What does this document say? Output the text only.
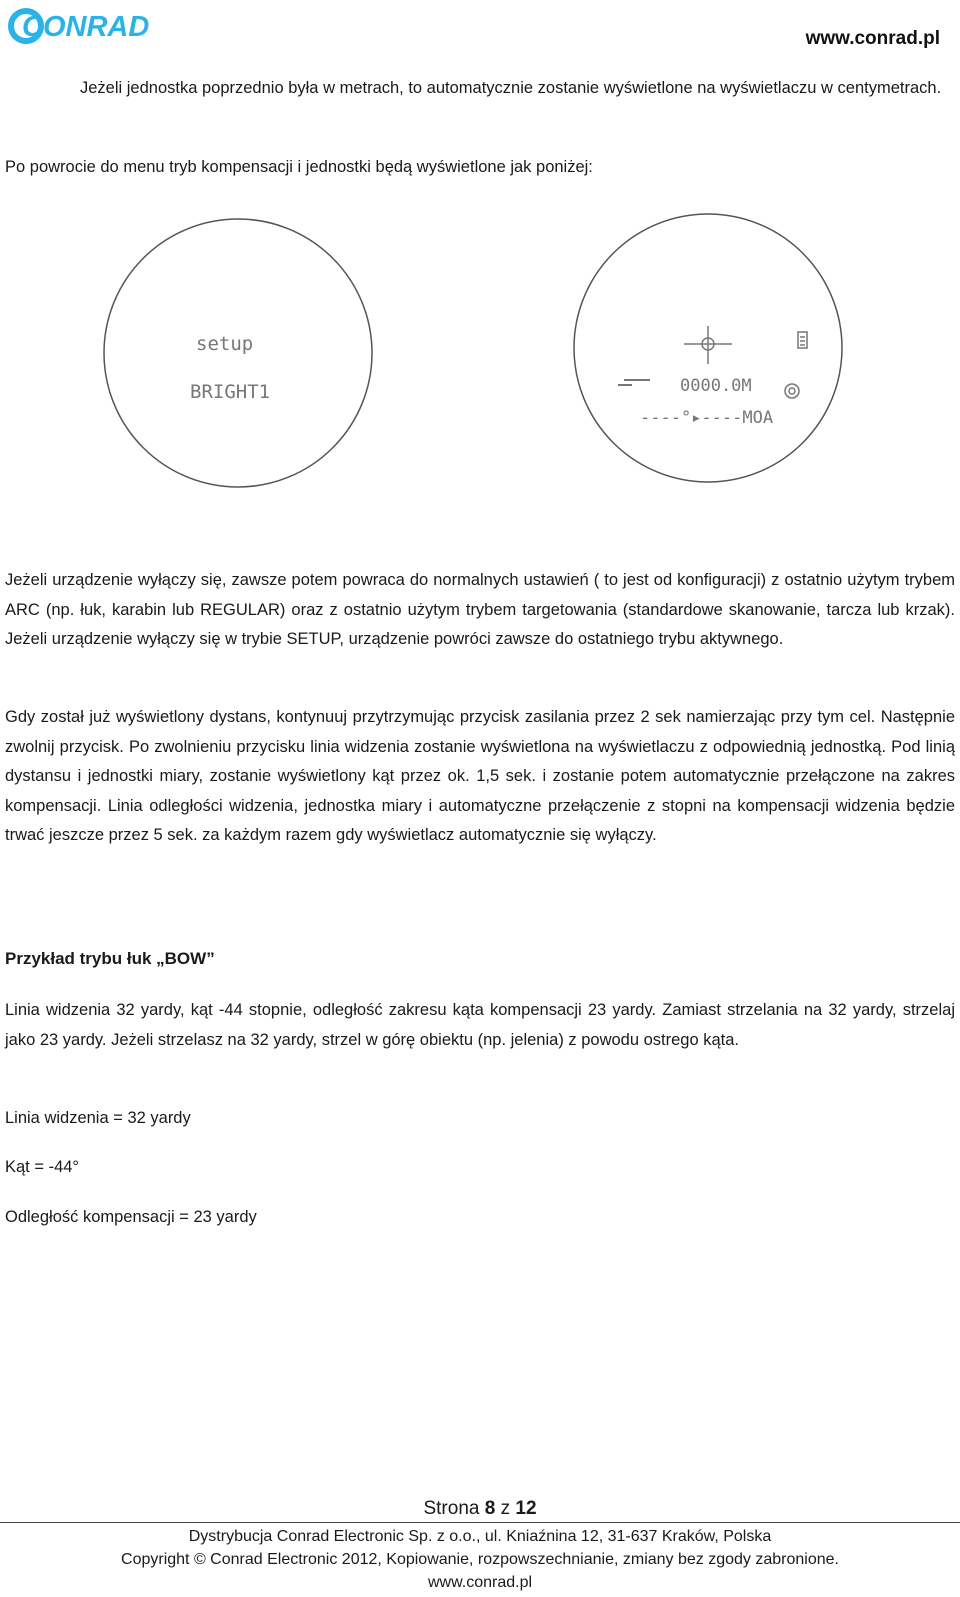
CONRAD	www.conrad.pl

Jeżeli jednostka poprzednio była w metrach, to automatycznie zostanie wyświetlone na wyświetlaczu w centymetrach.

Po powrocie do menu tryb kompensacji i jednostki będą wyświetlone jak poniżej:

setup
BRIGHT1	0000.0M
----°▸----MOA

Jeżeli urządzenie wyłączy się, zawsze potem powraca do normalnych ustawień ( to jest od konfiguracji) z ostatnio użytym trybem ARC (np. łuk, karabin lub REGULAR) oraz z ostatnio użytym trybem targetowania (standardowe skanowanie, tarcza lub krzak). Jeżeli urządzenie wyłączy się w trybie SETUP, urządzenie powróci zawsze do ostatniego trybu aktywnego.

Gdy został już wyświetlony dystans, kontynuuj przytrzymując przycisk zasilania przez 2 sek namierzając przy tym cel. Następnie zwolnij przycisk. Po zwolnieniu przycisku linia widzenia zostanie wyświetlona na wyświetlaczu z odpowiednią jednostką. Pod linią dystansu i jednostki miary, zostanie wyświetlony kąt przez ok. 1,5 sek. i zostanie potem automatycznie przełączone na zakres kompensacji. Linia odległości widzenia, jednostka miary i automatyczne przełączenie z stopni na kompensacji widzenia będzie trwać jeszcze przez 5 sek. za każdym razem gdy wyświetlacz automatycznie się wyłączy.

Przykład trybu łuk „BOW”

Linia widzenia 32 yardy, kąt -44 stopnie, odległość zakresu kąta kompensacji 23 yardy. Zamiast strzelania na 32 yardy, strzelaj jako 23 yardy. Jeżeli strzelasz na 32 yardy, strzel w górę obiektu (np. jelenia) z powodu ostrego kąta.

Linia widzenia = 32 yardy

Kąt = -44°

Odległość kompensacji = 23 yardy

Strona 8 z 12
Dystrybucja Conrad Electronic Sp. z o.o., ul. Kniaźnina 12, 31-637 Kraków, Polska
Copyright © Conrad Electronic 2012, Kopiowanie, rozpowszechnianie, zmiany bez zgody zabronione.
www.conrad.pl
